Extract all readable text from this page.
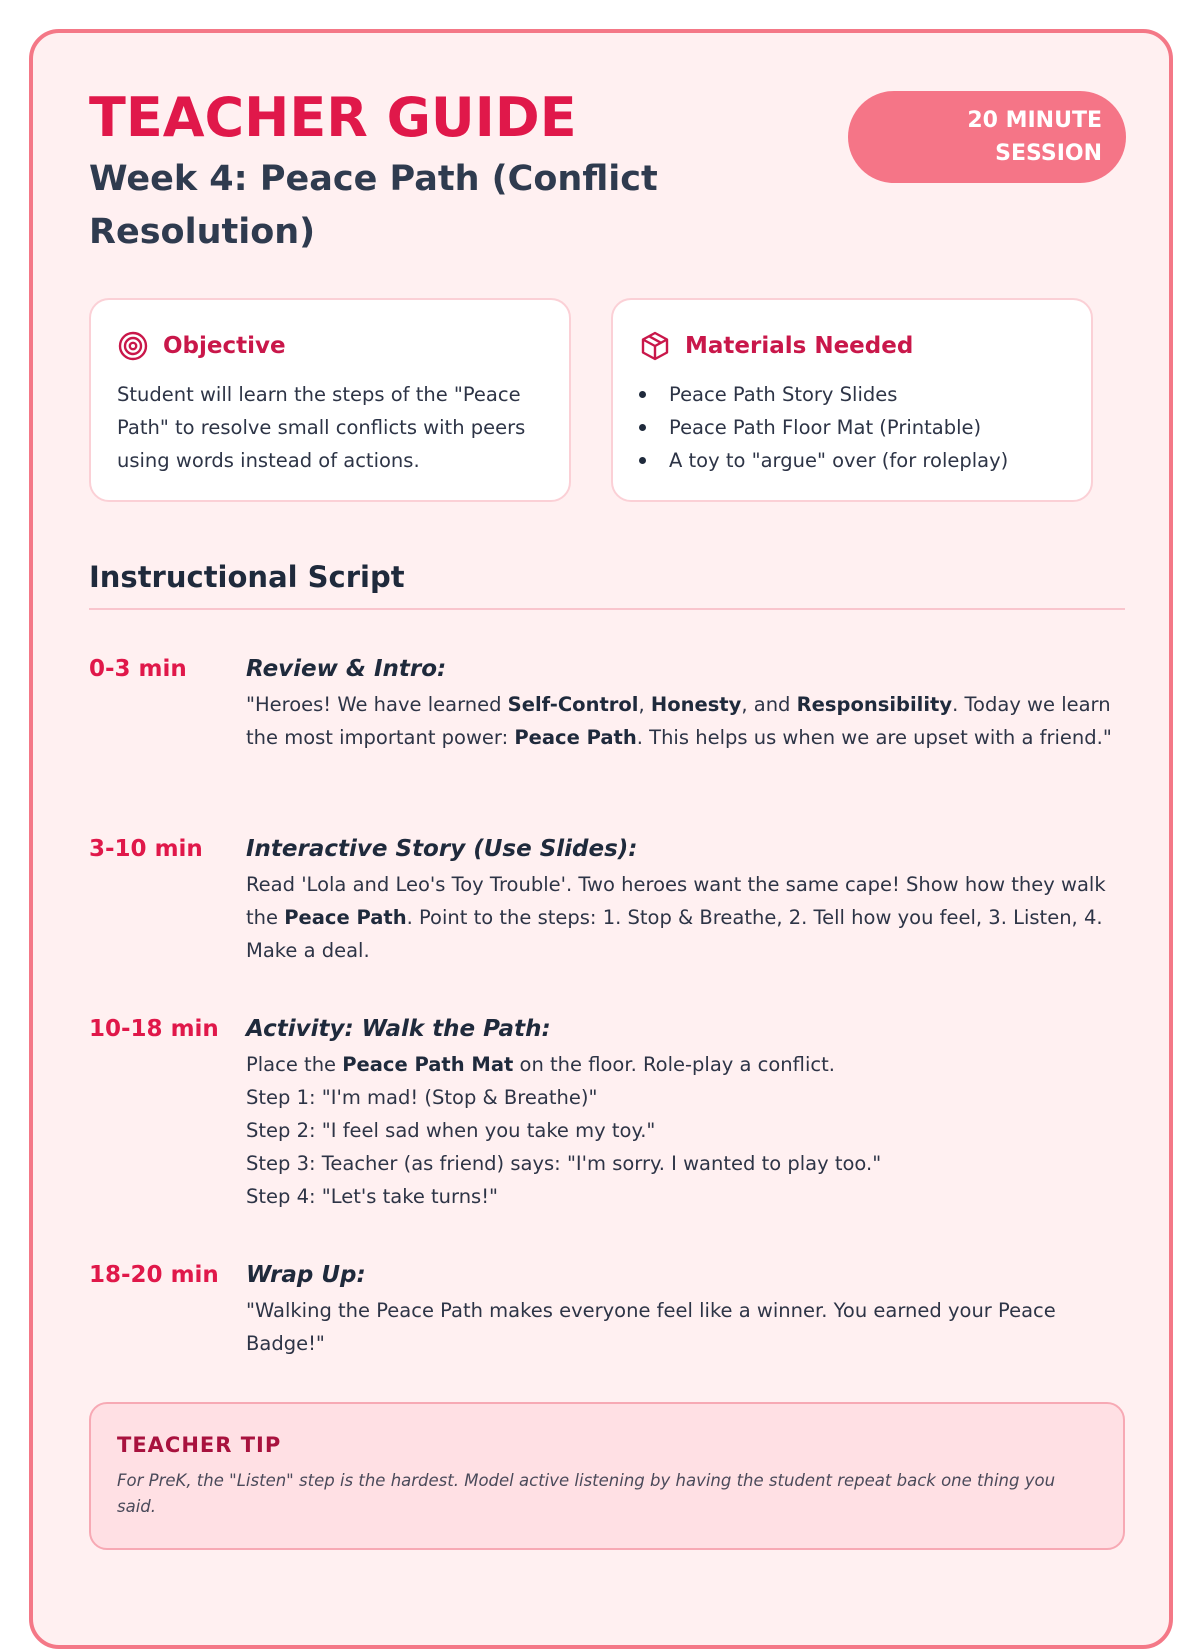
TEACHER GUIDE
Week 4: Peace Path (Conflict Resolution)
20 MINUTE
SESSION
Objective

Student will learn the steps of the "Peace Path" to resolve small conflicts with peers using words instead of actions.

Materials Needed
Peace Path Story Slides
Peace Path Floor Mat (Printable)
A toy to "argue" over (for roleplay)
Instructional Script
0-3 min	Review & Intro:

"Heroes! We have learned Self-Control, Honesty, and Responsibility. Today we learn the most important power: Peace Path. This helps us when we are upset with a friend."

3-10 min Interactive Story (Use Slides):

Read 'Lola and Leo's Toy Trouble'. Two heroes want the same cape! Show how they walk the Peace Path. Point to the steps: 1. Stop & Breathe, 2. Tell how you feel, 3. Listen, 4. Make a deal.

10-18 min Activity: Walk the Path:

Place the Peace Path Mat on the floor. Role-play a conflict.

Step 1: "I'm mad! (Stop & Breathe)"

Step 2: "I feel sad when you take my toy."

Step 3: Teacher (as friend) says: "I'm sorry. I wanted to play too."

Step 4: "Let's take turns!"

18-20 min Wrap Up:

"Walking the Peace Path makes everyone feel like a winner. You earned your Peace Badge!"

TEACHER TIP

For PreK, the "Listen" step is the hardest. Model active listening by having the student repeat back one thing you said.
